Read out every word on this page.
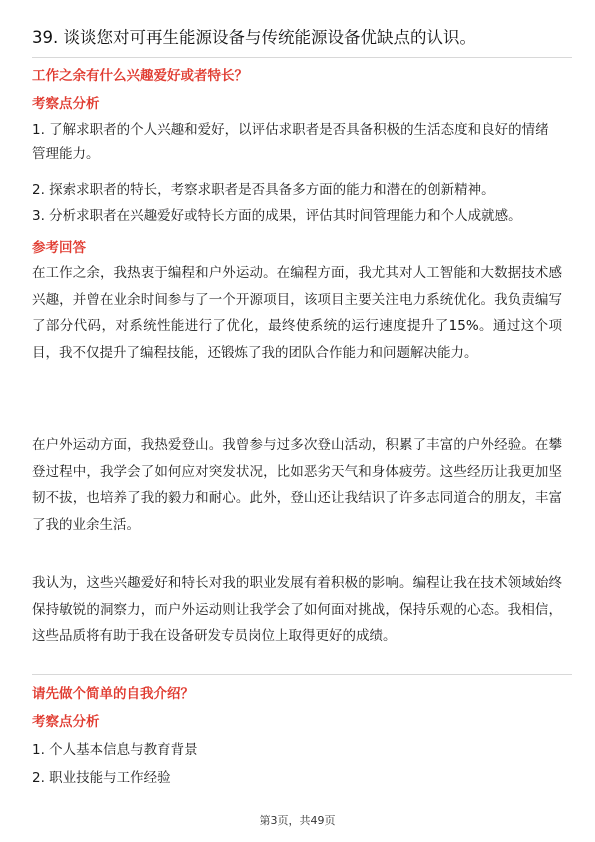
39. 谈谈您对可再生能源设备与传统能源设备优缺点的认识。
工作之余有什么兴趣爱好或者特长？
考察点分析
1. 了解求职者的个人兴趣和爱好，以评估求职者是否具备积极的生活态度和良好的情绪管理能力。
2. 探索求职者的特长，考察求职者是否具备多方面的能力和潜在的创新精神。
3. 分析求职者在兴趣爱好或特长方面的成果，评估其时间管理能力和个人成就感。
参考回答
在工作之余，我热衷于编程和户外运动。在编程方面，我尤其对人工智能和大数据技术感兴趣，并曾在业余时间参与了一个开源项目，该项目主要关注电力系统优化。我负责编写了部分代码，对系统性能进行了优化，最终使系统的运行速度提升了15%。通过这个项目，我不仅提升了编程技能，还锻炼了我的团队合作能力和问题解决能力。
在户外运动方面，我热爱登山。我曾参与过多次登山活动，积累了丰富的户外经验。在攀登过程中，我学会了如何应对突发状况，比如恶劣天气和身体疲劳。这些经历让我更加坚韧不拔，也培养了我的毅力和耐心。此外，登山还让我结识了许多志同道合的朋友，丰富了我的业余生活。
我认为，这些兴趣爱好和特长对我的职业发展有着积极的影响。编程让我在技术领域始终保持敏锐的洞察力，而户外运动则让我学会了如何面对挑战，保持乐观的心态。我相信，这些品质将有助于我在设备研发专员岗位上取得更好的成绩。
请先做个简单的自我介绍？
考察点分析
1. 个人基本信息与教育背景
2. 职业技能与工作经验
第3页，共49页
